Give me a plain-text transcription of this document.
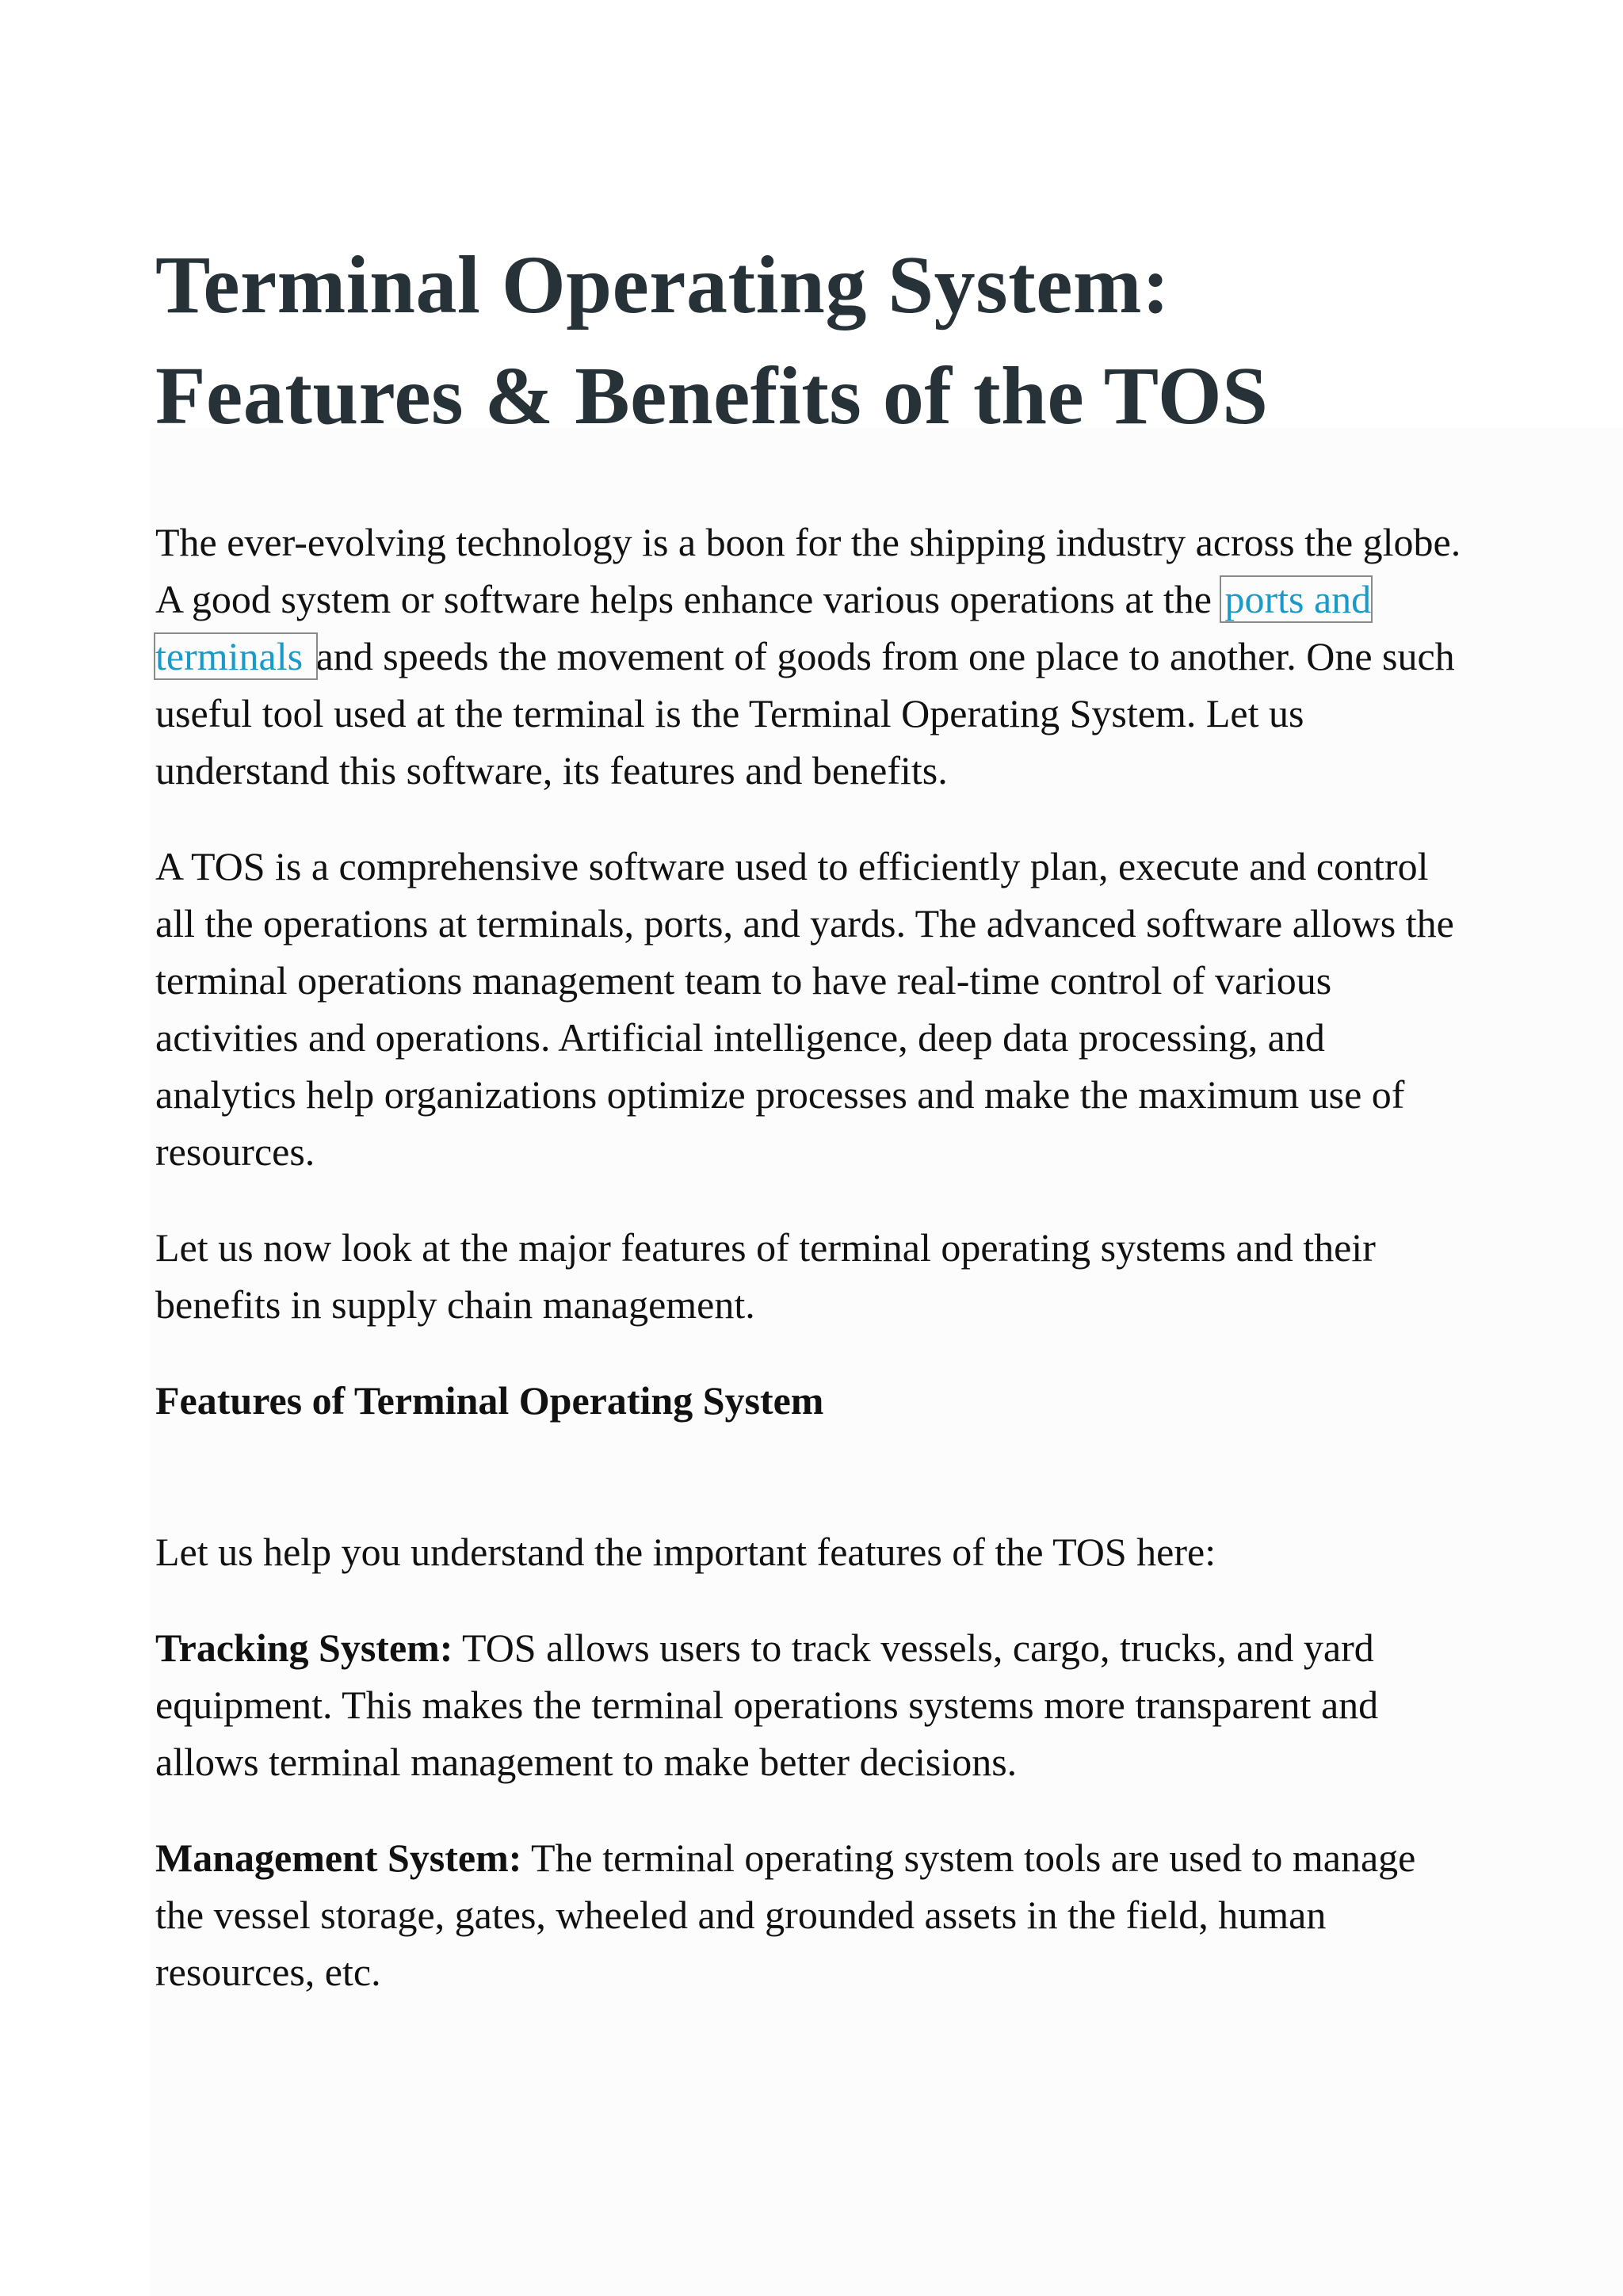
Terminal Operating System:
Features & Benefits of the TOS

The ever-evolving technology is a boon for the shipping industry across the globe. A good system or software helps enhance various operations at the ports and terminals and speeds the movement of goods from one place to another. One such useful tool used at the terminal is the Terminal Operating System. Let us understand this software, its features and benefits.

A TOS is a comprehensive software used to efficiently plan, execute and control all the operations at terminals, ports, and yards. The advanced software allows the terminal operations management team to have real-time control of various activities and operations. Artificial intelligence, deep data processing, and analytics help organizations optimize processes and make the maximum use of resources.

Let us now look at the major features of terminal operating systems and their benefits in supply chain management.

Features of Terminal Operating System

Let us help you understand the important features of the TOS here:

Tracking System: TOS allows users to track vessels, cargo, trucks, and yard equipment. This makes the terminal operations systems more transparent and allows terminal management to make better decisions.

Management System: The terminal operating system tools are used to manage the vessel storage, gates, wheeled and grounded assets in the field, human resources, etc.
